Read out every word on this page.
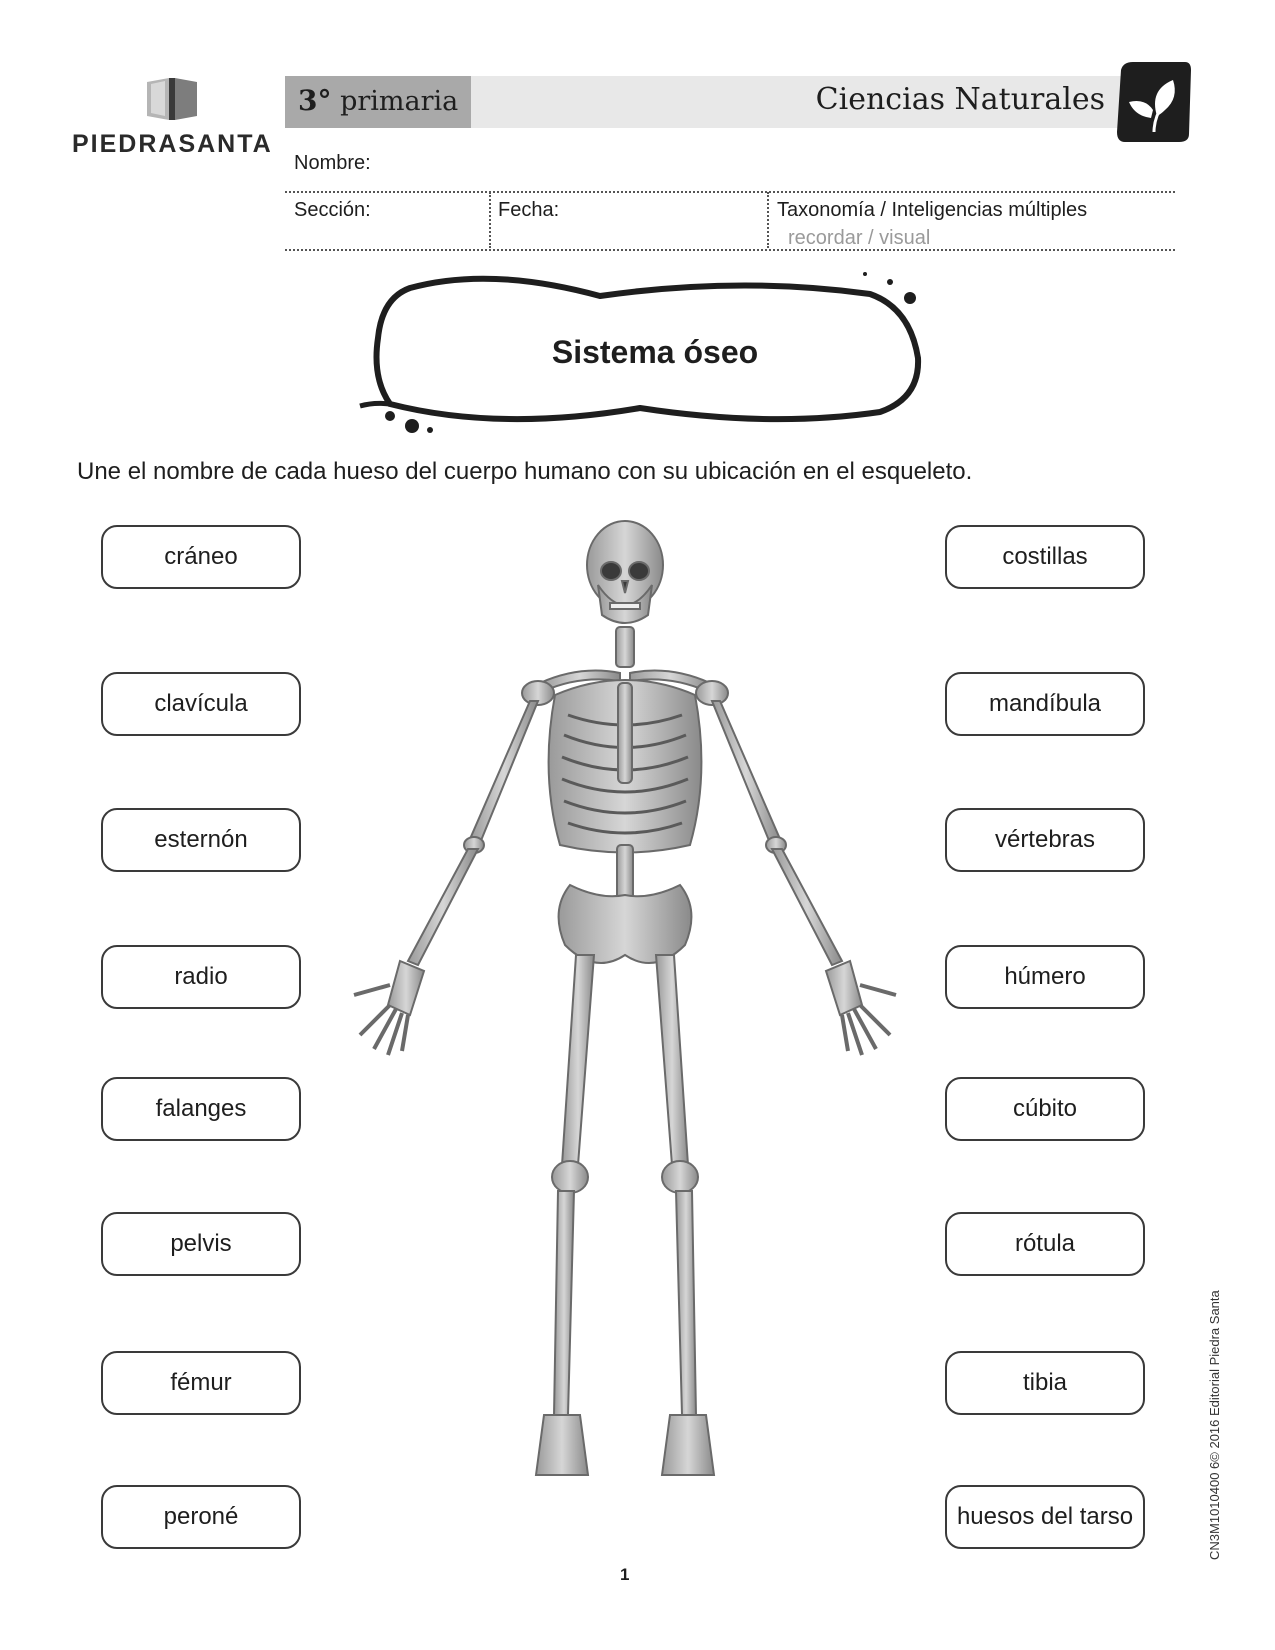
PIEDRASANTA
3° primaria	Ciencias Naturales
Nombre:
Sección:	Fecha:	Taxonomía / Inteligencias múltiples
recordar / visual
Sistema óseo
Une el nombre de cada hueso del cuerpo humano con su ubicación en el esqueleto.
cráneo
clavícula
esternón
radio
falanges
pelvis
fémur
peroné
costillas
mandíbula
vértebras
húmero
cúbito
rótula
tibia
huesos del tarso
1
CN3M1010400 6© 2016 Editorial Piedra Santa
